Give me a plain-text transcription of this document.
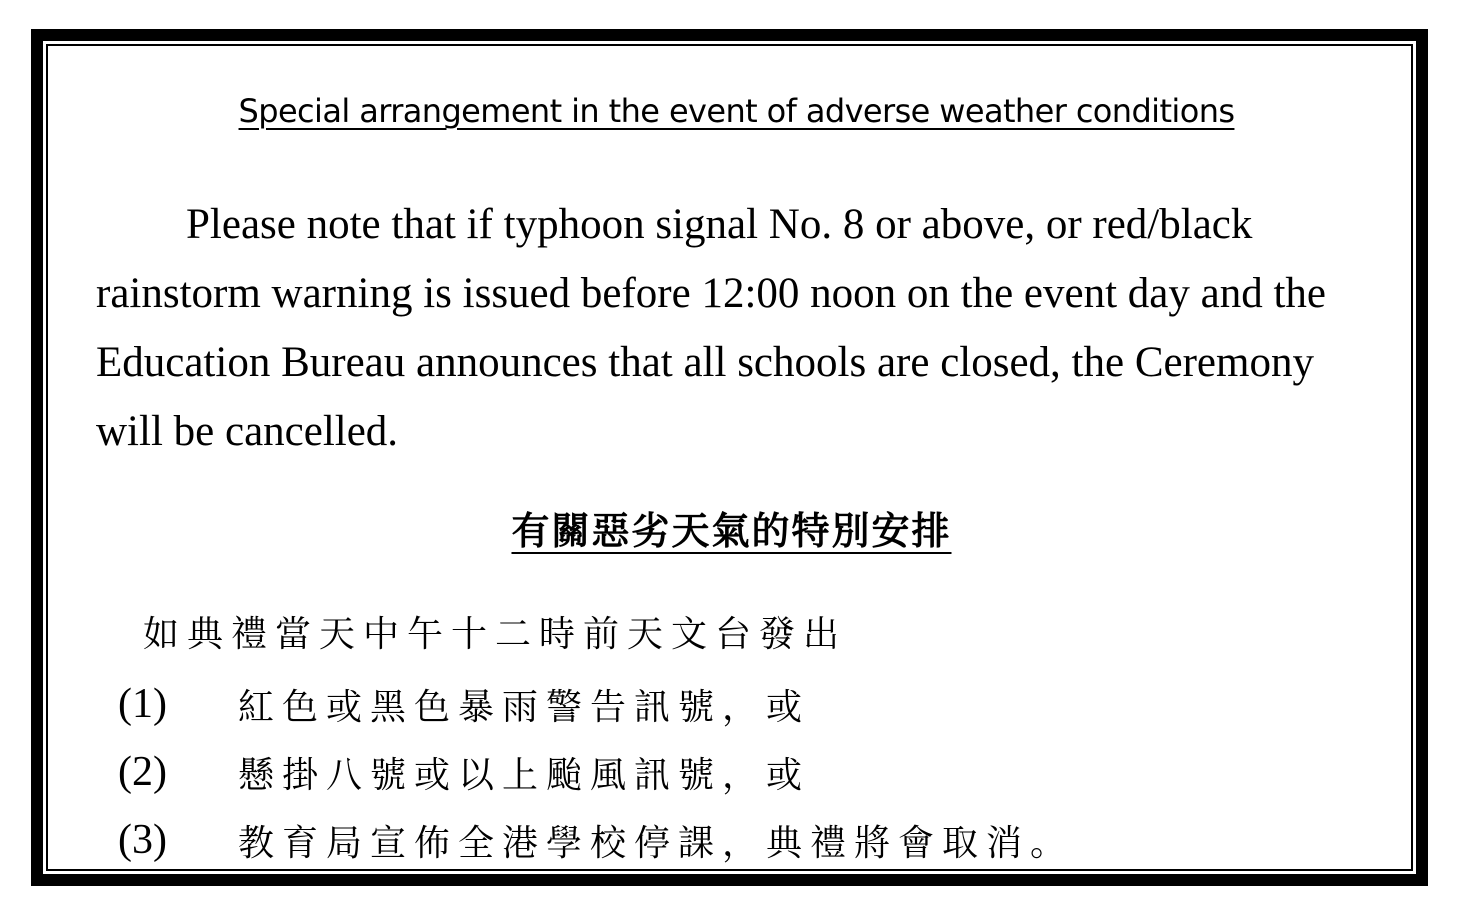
Special arrangement in the event of adverse weather conditions

Please note that if typhoon signal No. 8 or above, or red/black
rainstorm warning is issued before 12:00 noon on the event day and the
Education Bureau announces that all schools are closed, the Ceremony
will be cancelled.

有關惡劣天氣的特別安排
如典禮當天中午十二時前天文台發出
(1)	紅色或黑色暴雨警告訊號，或
(2)	懸掛八號或以上颱風訊號，或
(3)	教育局宣佈全港學校停課，典禮將會取消。
